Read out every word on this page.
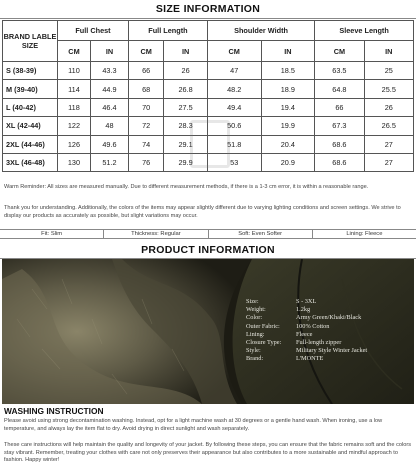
SIZE INFORMATION
BRAND LABLE SIZE	Full Chest		Full Length		Shoulder Width		Sleeve Length	
	CM	IN	CM	IN	CM	IN	CM	IN
S (38-39)	110	43.3	66	26	47	18.5	63.5	25
M (39-40)	114	44.9	68	26.8	48.2	18.9	64.8	25.5
L (40-42)	118	46.4	70	27.5	49.4	19.4	66	26
XL (42-44)	122	48	72	28.3	50.6	19.9	67.3	26.5
2XL (44-46)	126	49.6	74	29.1	51.8	20.4	68.6	27
3XL (46-48)	130	51.2	76	29.9	53	20.9	68.6	27
Warm Reminder: All sizes are measured manually. Due to different measurement methods, if there is a 1-3 cm error, it is within a reasonable range.
Thank you for understanding. Additionally, the colors of the items may appear slightly different due to varying lighting conditions and screen settings. We strive to display our products as accurately as possible, but slight variations may occur.
Fit: Slim	Thickness: Regular	Soft: Even Softer	Lining: Fleece
PRODUCT INFORMATION
Size:	S - 3XL
Weight:	1.2kg
Color:	Army Green/Khaki/Black
Outer Fabric:	100% Cotton
Lining:	Fleece
Closure Type:	Full-length zipper
Style:	Military Style Winter Jacket
Brand:	L'MONTE
WASHING INSTRUCTION
Please avoid using strong decontamination washing. Instead, opt for a light machine wash at 30 degrees or a gentle hand wash. When ironing, use a low temperature, and always lay the item flat to dry. Avoid drying in direct sunlight and wash separately.
These care instructions will help maintain the quality and longevity of your jacket. By following these steps, you can ensure that the fabric remains soft and the colors stay vibrant. Remember, treating your clothes with care not only preserves their appearance but also contributes to a more sustainable and mindful approach to fashion. Happy winter!
